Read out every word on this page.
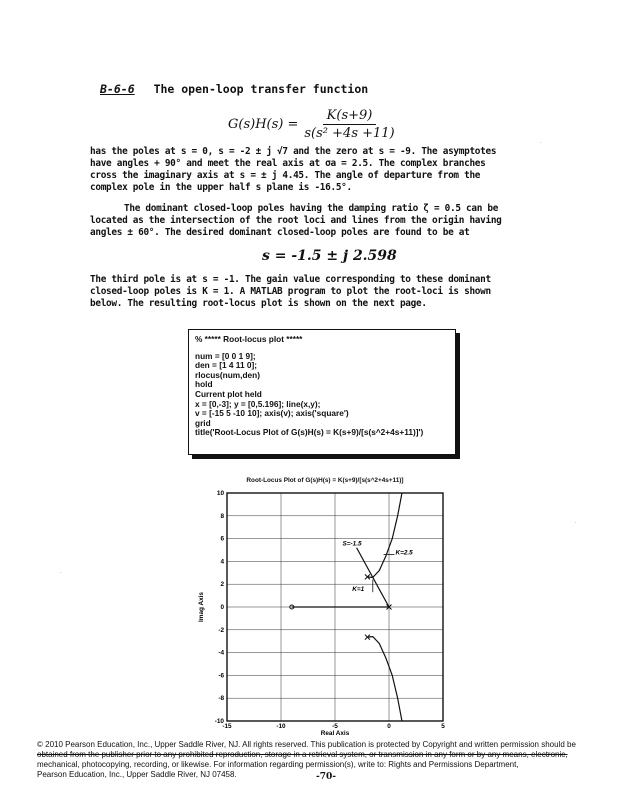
B-6-6 The open-loop transfer function
$G(s)H(s) = \frac{K(s+9)}{\text{s(s² +4s +11)}}$
has the poles at s = 0, s = -2 ± j √7 and the zero at s = -9. The asymptotes
have angles + 90° and meet the real axis at σa = 2.5. The complex branches
cross the imaginary axis at s = ± j 4.45. The angle of departure from the
complex pole in the upper half s plane is -16.5°.
The dominant closed-loop poles having the damping ratio ζ = 0.5 can be
located as the intersection of the root loci and lines from the origin having
angles ± 60°. The desired dominant closed-loop poles are found to be at
s = -1.5 ± j 2.598
The third pole is at s = -1. The gain value corresponding to these dominant
closed-loop poles is K = 1. A MATLAB program to plot the root-loci is shown
below. The resulting root-locus plot is shown on the next page.
% ***** Root-locus plot *****
num = [0 0 1 9];
den = [1 4 11 0];
rlocus(num,den)
hold
Current plot held
x = [0,-3]; y = [0,5.196]; line(x,y);
v = [-15 5 -10 10]; axis(v); axis('square')
grid
title('Root-Locus Plot of G(s)H(s) = K(s+9)/[s(s^2+4s+11)]')
Root-Locus Plot of G(s)H(s) = K(s+9)/[s(s^2+4s+11)]
-15	-10	-5	0	5
-10
-8
-6
-4
-2
0
2
4
6
8
10
Real Axis
Imag Axis
S=-1.5
K=2.5
K=1
© 2010 Pearson Education, Inc., Upper Saddle River, NJ. All rights reserved. This publication is protected by Copyright and written permission should be
obtained from the publisher prior to any prohibited reproduction, storage in a retrieval system, or transmission in any form or by any means, electronic,
mechanical, photocopying, recording, or likewise. For information regarding permission(s), write to: Rights and Permissions Department,
Pearson Education, Inc., Upper Saddle River, NJ 07458.	-70-
·
·
·
